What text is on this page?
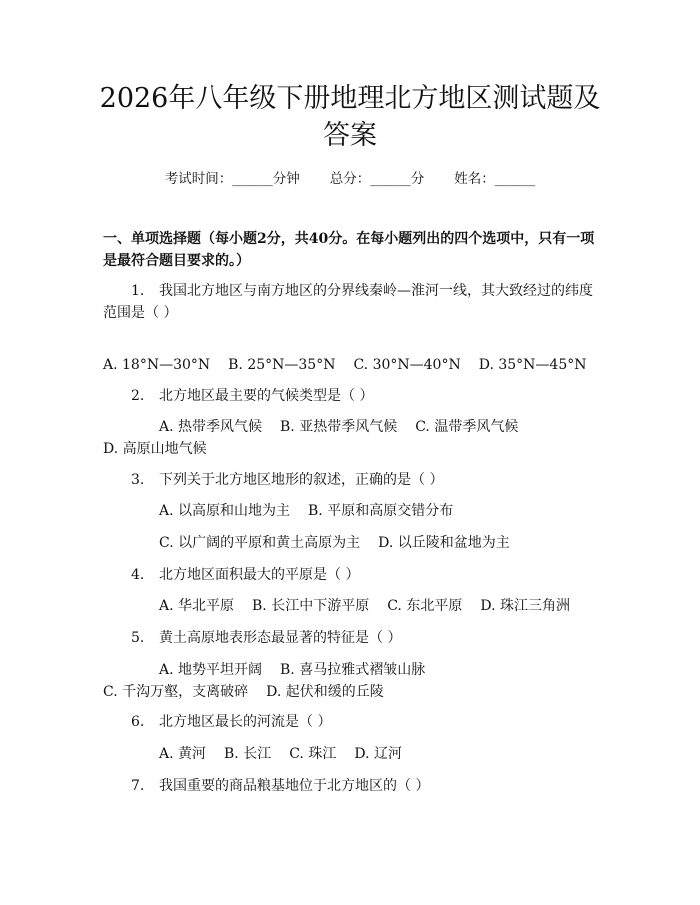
2026年八年级下册地理北方地区测试题及答案
考试时间：______分钟 总分：______分 姓名：______
一、单项选择题（每小题2分，共40分。在每小题列出的四个选项中，只有一项是最符合题目要求的。）
1. 我国北方地区与南方地区的分界线秦岭—淮河一线，其大致经过的纬度范围是（ ）
A. 18°N—30°N B. 25°N—35°N C. 30°N—40°N D. 35°N—45°N
2. 北方地区最主要的气候类型是（ ）
A. 热带季风气候 B. 亚热带季风气候 C. 温带季风气候D. 高原山地气候
3. 下列关于北方地区地形的叙述，正确的是（ ）
A. 以高原和山地为主 B. 平原和高原交错分布
C. 以广阔的平原和黄土高原为主 D. 以丘陵和盆地为主
4. 北方地区面积最大的平原是（ ）
A. 华北平原 B. 长江中下游平原 C. 东北平原 D. 珠江三角洲
5. 黄土高原地表形态最显著的特征是（ ）
A. 地势平坦开阔 B. 喜马拉雅式褶皱山脉C. 千沟万壑，支离破碎 D. 起伏和缓的丘陵
6. 北方地区最长的河流是（ ）
A. 黄河 B. 长江 C. 珠江 D. 辽河
7. 我国重要的商品粮基地位于北方地区的（ ）
